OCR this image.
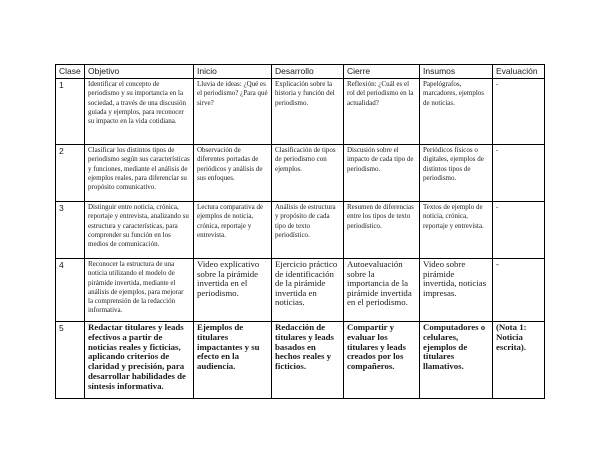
Clase	Objetivo	Inicio	Desarrollo	Cierre	Insumos	Evaluación
1	Identificar el concepto de periodismo y su importancia en la sociedad, a través de una discusión guiada y ejemplos, para reconocer su impacto en la vida cotidiana.	Lluvia de ideas: ¿Qué es el periodismo? ¿Para qué sirve?	Explicación sobre la historia y función del periodismo.	Reflexión: ¿Cuál es el rol del periodismo en la actualidad?	Papelógrafos, marcadores, ejemplos de noticias.	-
2	Clasificar los distintos tipos de periodismo según sus características y funciones, mediante el análisis de ejemplos reales, para diferenciar su propósito comunicativo.	Observación de diferentes portadas de periódicos y análisis de sus enfoques.	Clasificación de tipos de periodismo con ejemplos.	Discusión sobre el impacto de cada tipo de periodismo.	Periódicos físicos o digitales, ejemplos de distintos tipos de periodismo.	-
3	Distinguir entre noticia, crónica, reportaje y entrevista, analizando su estructura y características, para comprender su función en los medios de comunicación.	Lectura comparativa de ejemplos de noticia, crónica, reportaje y entrevista.	Análisis de estructura y propósito de cada tipo de texto periodístico.	Resumen de diferencias entre los tipos de texto periodístico.	Textos de ejemplo de noticia, crónica, reportaje y entrevista.	-
4	Reconocer la estructura de una noticia utilizando el modelo de pirámide invertida, mediante el análisis de ejemplos, para mejorar la comprensión de la redacción informativa.	Video explicativo sobre la pirámide invertida en el periodismo.	Ejercicio práctico de identificación de la pirámide invertida en noticias.	Autoevaluación sobre la importancia de la pirámide invertida en el periodismo.	Video sobre pirámide invertida, noticias impresas.	-
5	Redactar titulares y leads efectivos a partir de noticias reales y ficticias, aplicando criterios de claridad y precisión, para desarrollar habilidades de síntesis informativa.	Ejemplos de titulares impactantes y su efecto en la audiencia.	Redacción de titulares y leads basados en hechos reales y ficticios.	Compartir y evaluar los titulares y leads creados por los compañeros.	Computadores o celulares, ejemplos de titulares llamativos.	(Nota 1: Noticia escrita).
